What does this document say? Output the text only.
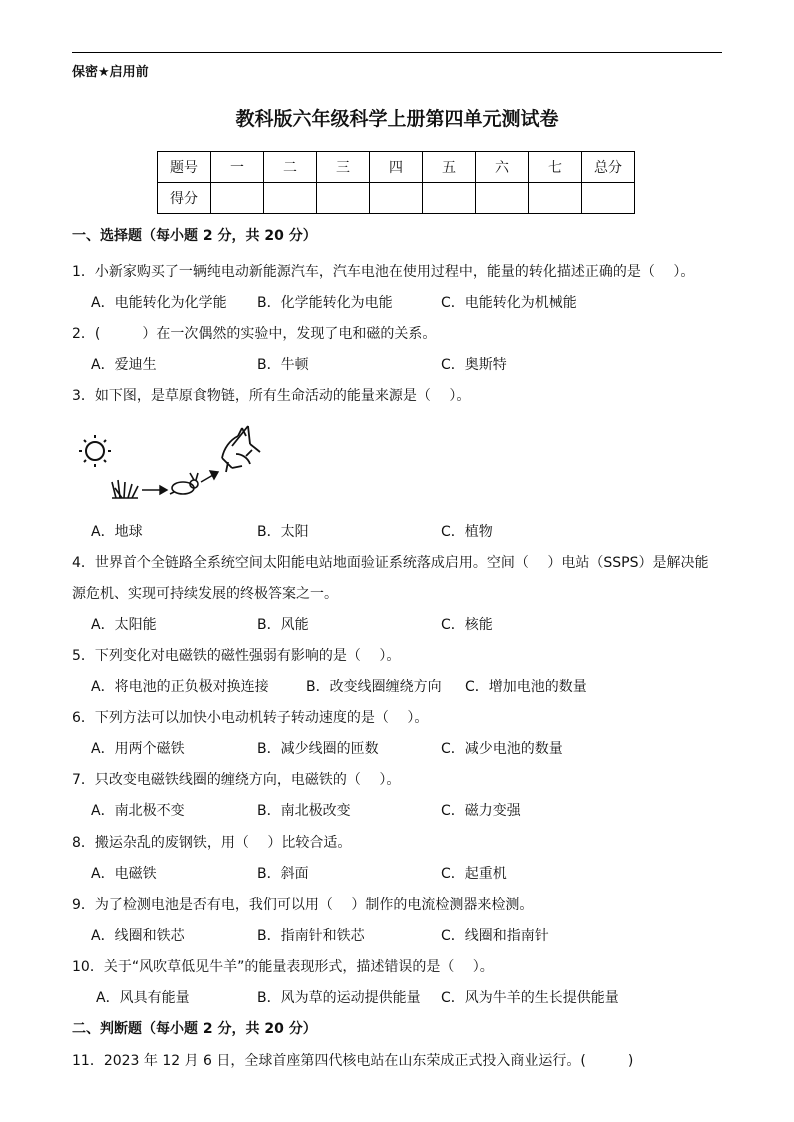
保密★启用前
教科版六年级科学上册第四单元测试卷
题号	一	二	三	四	五	六	七	总分
得分								
一、选择题（每小题 2 分，共 20 分）
1．小新家购买了一辆纯电动新能源汽车，汽车电池在使用过程中，能量的转化描述正确的是（　 ）。
A．电能转化为化学能 B．化学能转化为电能	C．电能转化为机械能
2．(　　　）在一次偶然的实验中，发现了电和磁的关系。
A．爱迪生	B．牛顿	C．奥斯特
3．如下图，是草原食物链，所有生命活动的能量来源是（　 ）。
A．地球	B．太阳	C．植物
4．世界首个全链路全系统空间太阳能电站地面验证系统落成启用。空间（　 ）电站（SSPS）是解决能
源危机、实现可持续发展的终极答案之一。
A．太阳能	B．风能	C．核能
5．下列变化对电磁铁的磁性强弱有影响的是（　 ）。
A．将电池的正负极对换连接	B．改变线圈缠绕方向 C．增加电池的数量
6．下列方法可以加快小电动机转子转动速度的是（　 ）。
A．用两个磁铁	B．减少线圈的匝数	C．减少电池的数量
7．只改变电磁铁线圈的缠绕方向，电磁铁的（　 ）。
A．南北极不变	B．南北极改变	C．磁力变强
8．搬运杂乱的废钢铁，用（　 ）比较合适。
A．电磁铁	B．斜面	C．起重机
9．为了检测电池是否有电，我们可以用（　 ）制作的电流检测器来检测。
A．线圈和铁芯	B．指南针和铁芯	C．线圈和指南针
10．关于“风吹草低见牛羊”的能量表现形式，描述错误的是（　 ）。
A．风具有能量	B．风为草的运动提供能量 C．风为牛羊的生长提供能量
二、判断题（每小题 2 分，共 20 分）
11．2023 年 12 月 6 日，全球首座第四代核电站在山东荣成正式投入商业运行。(　　　)
